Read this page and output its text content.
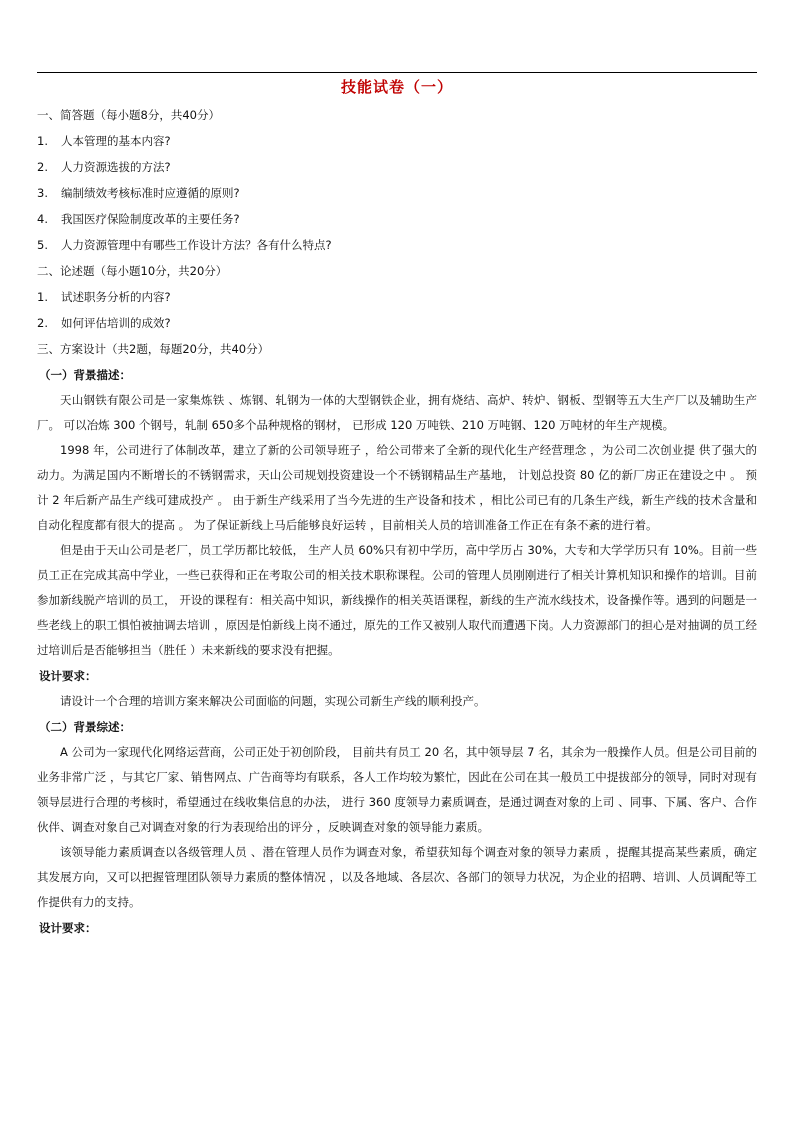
技能试卷（一）
一、简答题（每小题8分，共40分）
1. 人本管理的基本内容?
2. 人力资源选拔的方法?
3. 编制绩效考核标准时应遵循的原则?
4. 我国医疗保险制度改革的主要任务?
5. 人力资源管理中有哪些工作设计方法？各有什么特点?
二、论述题（每小题10分，共20分）
1. 试述职务分析的内容?
2. 如何评估培训的成效?
三、方案设计（共2题，每题20分，共40分）
（一）背景描述：
天山钢铁有限公司是一家集炼铁 、炼钢、轧钢为一体的大型钢铁企业，拥有烧结、高炉、转炉、钢板、型钢等五大生产厂以及辅助生产厂。 可以冶炼 300 个钢号，轧制 650多个品种规格的钢材， 已形成 120 万吨铁、210 万吨钢、120 万吨材的年生产规模。
1998 年，公司进行了体制改革，建立了新的公司领导班子 ，给公司带来了全新的现代化生产经营理念 ，为公司二次创业提 供了强大的动力。为满足国内不断增长的不锈钢需求，天山公司规划投资建设一个不锈钢精品生产基地， 计划总投资 80 亿的新厂房正在建设之中 。 预计 2 年后新产品生产线可建成投产 。 由于新生产线采用了当今先进的生产设备和技术 ，相比公司已有的几条生产线，新生产线的技术含量和自动化程度都有很大的提高 。 为了保证新线上马后能够良好运转 ，目前相关人员的培训准备工作正在有条不紊的进行着。
但是由于天山公司是老厂，员工学历都比较低， 生产人员 60%只有初中学历，高中学历占 30%，大专和大学学历只有 10%。目前一些员工正在完成其高中学业，一些已获得和正在考取公司的相关技术职称课程。公司的管理人员刚刚进行了相关计算机知识和操作的培训。目前参加新线脱产培训的员工， 开设的课程有：相关高中知识，新线操作的相关英语课程，新线的生产流水线技术，设备操作等。遇到的问题是一些老线上的职工惧怕被抽调去培训 ，原因是怕新线上岗不通过，原先的工作又被别人取代而遭遇下岗。人力资源部门的担心是对抽调的员工经过培训后是否能够担当（胜任 ）未来新线的要求没有把握。
设计要求：
请设计一个合理的培训方案来解决公司面临的问题，实现公司新生产线的顺利投产。
（二）背景综述：
A 公司为一家现代化网络运营商，公司正处于初创阶段， 目前共有员工 20 名，其中领导层 7 名，其余为一般操作人员。但是公司目前的业务非常广泛 ，与其它厂家、销售网点、广告商等均有联系，各人工作均较为繁忙，因此在公司在其一般员工中提拔部分的领导，同时对现有领导层进行合理的考核时，希望通过在线收集信息的办法， 进行 360 度领导力素质调查，是通过调查对象的上司 、同事、下属、客户、合作伙伴、调查对象自己对调查对象的行为表现给出的评分 ，反映调查对象的领导能力素质。
该领导能力素质调查以各级管理人员 、潜在管理人员作为调查对象，希望获知每个调查对象的领导力素质 ，提醒其提高某些素质，确定其发展方向，又可以把握管理团队领导力素质的整体情况 ，以及各地域、各层次、各部门的领导力状况，为企业的招聘、培训、人员调配等工作提供有力的支持。
设计要求：
